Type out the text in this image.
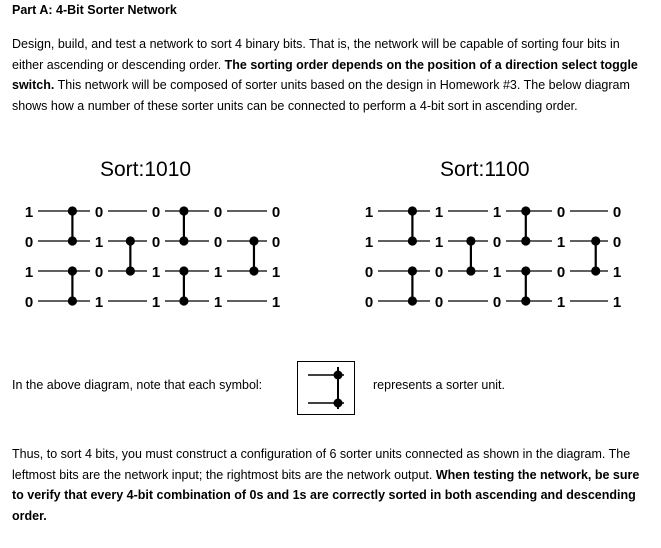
Part A: 4-Bit Sorter Network
Design, build, and test a network to sort 4 binary bits. That is, the network will be capable of sorting four bits in either ascending or descending order. The sorting order depends on the position of a direction select toggle switch. This network will be composed of sorter units based on the design in Homework #3. The below diagram shows how a number of these sorter units can be connected to perform a 4-bit sort in ascending order.
Sort:1010	Sort:1100
1
0
1
0
0
1
0
1
0
0
1
1
0
0
1
1
0
0
1
1
1
1
0
0
1
1
0
0
1
0
1
0
0
1
0
1
0
0
1
1
In the above diagram, note that each symbol:	represents a sorter unit.
Thus, to sort 4 bits, you must construct a configuration of 6 sorter units connected as shown in the diagram. The leftmost bits are the network input; the rightmost bits are the network output. When testing the network, be sure to verify that every 4-bit combination of 0s and 1s are correctly sorted in both ascending and descending order.
